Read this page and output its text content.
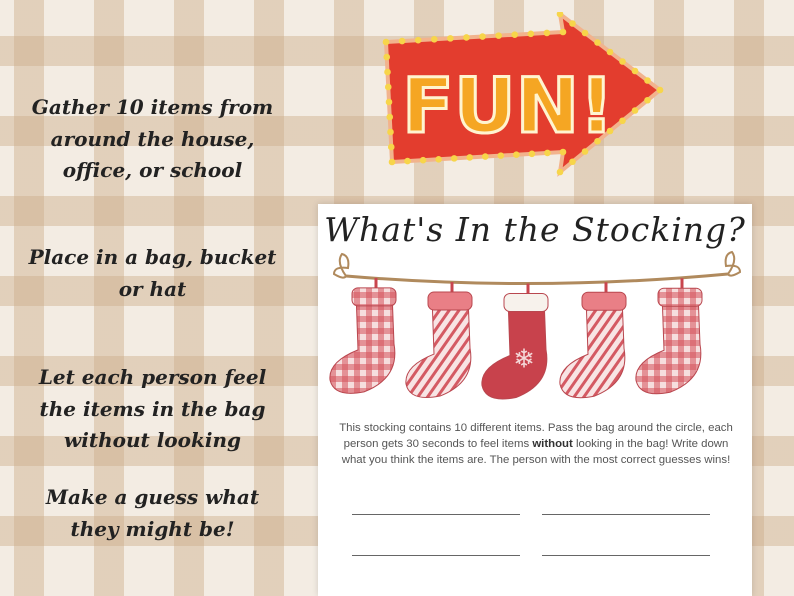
Gather 10 items from
around the house,
office, or school
Place in a bag, bucket
or hat
Let each person feel
the items in the bag
without looking
Make a guess what
they might be!
FUN!
What's In the Stocking?
❄
This stocking contains 10 different items. Pass the bag around the circle, each person gets 30 seconds to feel items without looking in the bag! Write down what you think the items are. The person with the most correct guesses wins!
